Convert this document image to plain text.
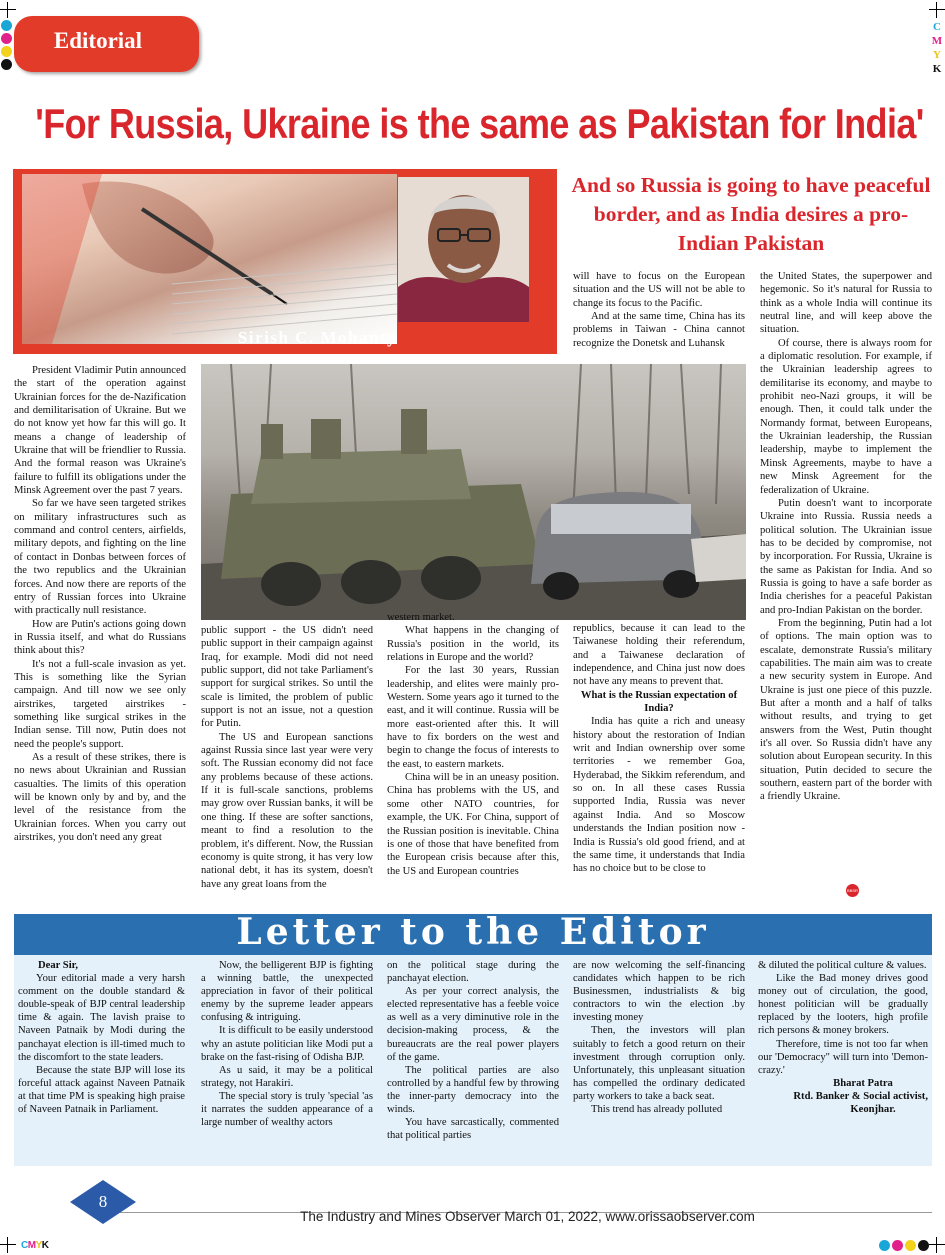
C
M
Y
K
Editorial
'For Russia, Ukraine is the same as Pakistan for India'
Sirish C. Mohanty
And so Russia is going to have peaceful border, and as India desires a pro-Indian Pakistan

President Vladimir Putin announced the start of the operation against Ukrainian forces for the de-Nazification and demilitarisation of Ukraine. But we do not know yet how far this will go. It means a change of leadership of Ukraine that will be friendlier to Russia. And the formal reason was Ukraine's failure to fulfill its obligations under the Minsk Agreement over the past 7 years.

So far we have seen targeted strikes on military infrastructures such as command and control centers, airfields, military depots, and fighting on the line of contact in Donbas between forces of the two republics and the Ukrainian forces. And now there are reports of the entry of Russian forces into Ukraine with practically null resistance.

How are Putin's actions going down in Russia itself, and what do Russians think about this?

It's not a full-scale invasion as yet. This is something like the Syrian campaign. And till now we see only airstrikes, targeted airstrikes - something like surgical strikes in the Indian sense. Till now, Putin does not need the people's support.

As a result of these strikes, there is no news about Ukrainian and Russian casualties. The limits of this operation will be known only by and by, and the level of the resistance from the Ukrainian forces. When you carry out airstrikes, you don't need any great

public support - the US didn't need public support in their campaign against Iraq, for example. Modi did not need public support, did not take Parliament's support for surgical strikes. So until the scale is limited, the problem of public support is not an issue, not a question for Putin.

The US and European sanctions against Russia since last year were very soft. The Russian economy did not face any problems because of these actions. If it is full-scale sanctions, problems may grow over Russian banks, it will be one thing. If these are softer sanctions, meant to find a resolution to the problem, it's different. Now, the Russian economy is quite strong, it has very low national debt, it has its system, doesn't have any great loans from the

western market.

What happens in the changing of Russia's position in the world, its relations in Europe and the world?

For the last 30 years, Russian leadership, and elites were mainly pro-Western. Some years ago it turned to the east, and it will continue. Russia will be more east-oriented after this. It will have to fix borders on the west and begin to change the focus of interests to the east, to eastern markets.

China will be in an uneasy position. China has problems with the US, and some other NATO countries, for example, the UK. For China, support of the Russian position is inevitable. China is one of those that have benefited from the European crisis because after this, the US and European countries

will have to focus on the European situation and the US will not be able to change its focus to the Pacific.

And at the same time, China has its problems in Taiwan - China cannot recognize the Donetsk and Luhansk

republics, because it can lead to the Taiwanese holding their referendum, and a Taiwanese declaration of independence, and China just now does not have any means to prevent that.

What is the Russian expectation of India?

India has quite a rich and uneasy history about the restoration of Indian writ and Indian ownership over some territories - we remember Goa, Hyderabad, the Sikkim referendum, and so on. In all these cases Russia supported India, Russia was never against India. And so Moscow understands the Indian position now - India is Russia's old good friend, and at the same time, it understands that India has no choice but to be close to

the United States, the superpower and hegemonic. So it's natural for Russia to think as a whole India will continue its neutral line, and will keep above the situation.

Of course, there is always room for a diplomatic resolution. For example, if the Ukrainian leadership agrees to demilitarise its economy, and maybe to prohibit neo-Nazi groups, it will be enough. Then, it could talk under the Normandy format, between Europeans, the Ukrainian leadership, the Russian leadership, maybe to implement the Minsk Agreements, maybe to have a new Minsk Agreement for the federalization of Ukraine.

Putin doesn't want to incorporate Ukraine into Russia. Russia needs a political solution. The Ukrainian issue has to be decided by compromise, not by incorporation. For Russia, Ukraine is the same as Pakistan for India. And so Russia is going to have a safe border as India cherishes for a peaceful Pakistan and pro-Indian Pakistan on the border.

From the beginning, Putin had a lot of options. The main option was to escalate, demonstrate Russia's military capabilities. The main aim was to create a new security system in Europe. And Ukraine is just one piece of this puzzle. But after a month and a half of talks without results, and trying to get answers from the West, Putin thought it's all over. So Russia didn't have any solution about European security. In this situation, Putin decided to secure the southern, eastern part of the border with a friendly Ukraine.

BBSR
Letter to the Editor

Dear Sir,

Your editorial made a very harsh comment on the double standard & double-speak of BJP central leadership time & again. The lavish praise to Naveen Patnaik by Modi during the panchayat election is ill-timed much to the discomfort to the state leaders.

Because the state BJP will lose its forceful attack against Naveen Patnaik at that time PM is speaking high praise of Naveen Patnaik in Parliament.

Now, the belligerent BJP is fighting a winning battle, the unexpected appreciation in favor of their political enemy by the supreme leader appears confusing & intriguing.

It is difficult to be easily understood why an astute politician like Modi put a brake on the fast-rising of Odisha BJP.

As u said, it may be a political strategy, not Harakiri.

The special story is truly 'special 'as it narrates the sudden appearance of a large number of wealthy actors

on the political stage during the panchayat election.

As per your correct analysis, the elected representative has a feeble voice as well as a very diminutive role in the decision-making process, & the bureaucrats are the real power players of the game.

The political parties are also controlled by a handful few by throwing the inner-party democracy into the winds.

You have sarcastically, commented that political parties

are now welcoming the self-financing candidates which happen to be rich Businessmen, industrialists & big contractors to win the election .by investing money

Then, the investors will plan suitably to fetch a good return on their investment through corruption only. Unfortunately, this unpleasant situation has compelled the ordinary dedicated party workers to take a back seat.

This trend has already polluted

& diluted the political culture & values.

Like the Bad money drives good money out of circulation, the good, honest politician will be gradually replaced by the looters, high profile rich persons & money brokers.

Therefore, time is not too far when our 'Democracy" will turn into 'Demon-crazy.'

Bharat Patra

Rtd. Banker & Social activist,

Keonjhar.

8
The Industry and Mines Observer March 01, 2022, www.orissaobserver.com
CMYK
